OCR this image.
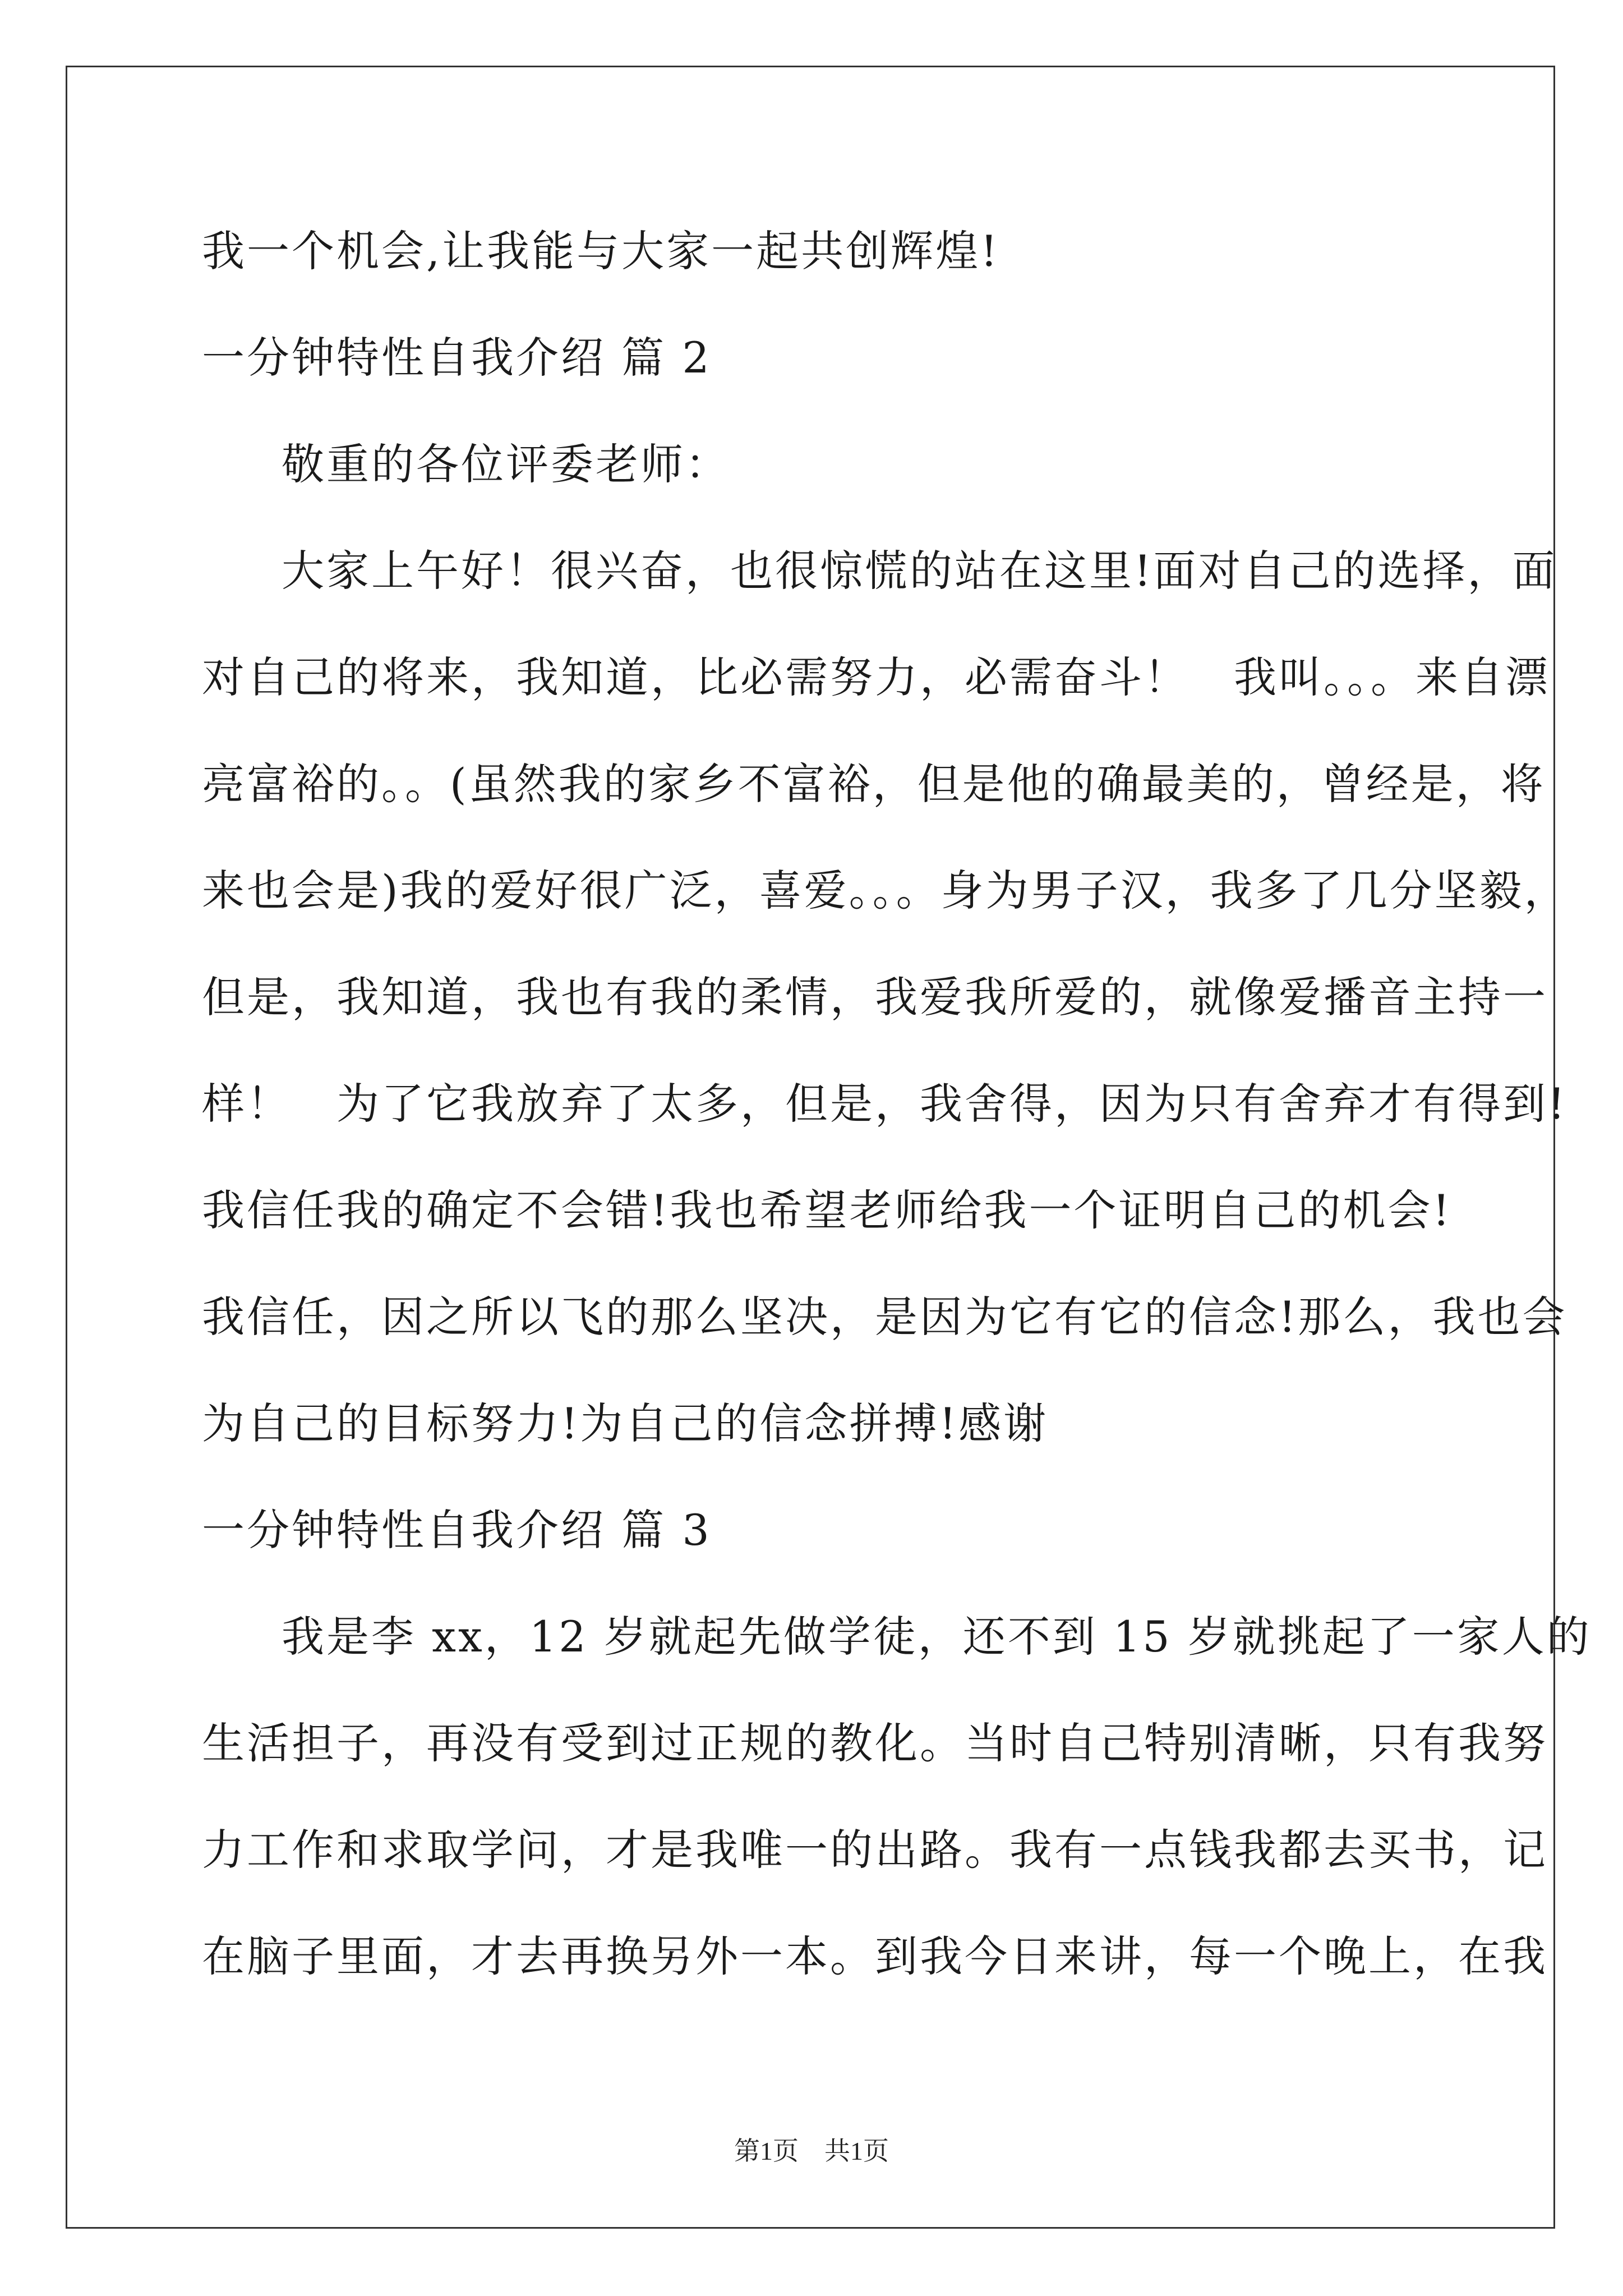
我一个机会,让我能与大家一起共创辉煌!
一分钟特性自我介绍 篇 2
敬重的各位评委老师：
大家上午好！很兴奋，也很惊慌的站在这里!面对自己的选择，面
对自己的将来，我知道，比必需努力，必需奋斗！　我叫。。。来自漂
亮富裕的。。(虽然我的家乡不富裕，但是他的确最美的，曾经是，将
来也会是)我的爱好很广泛，喜爱。。。身为男子汉，我多了几分坚毅，
但是，我知道，我也有我的柔情，我爱我所爱的，就像爱播音主持一
样！　为了它我放弃了太多，但是，我舍得，因为只有舍弃才有得到!
我信任我的确定不会错!我也希望老师给我一个证明自己的机会!
我信任，因之所以飞的那么坚决，是因为它有它的信念!那么，我也会
为自己的目标努力!为自己的信念拼搏!感谢
一分钟特性自我介绍 篇 3
我是李 xx，12 岁就起先做学徒，还不到 15 岁就挑起了一家人的
生活担子，再没有受到过正规的教化。当时自己特别清晰，只有我努
力工作和求取学问，才是我唯一的出路。我有一点钱我都去买书，记
在脑子里面，才去再换另外一本。到我今日来讲，每一个晚上，在我
第1页　共1页
